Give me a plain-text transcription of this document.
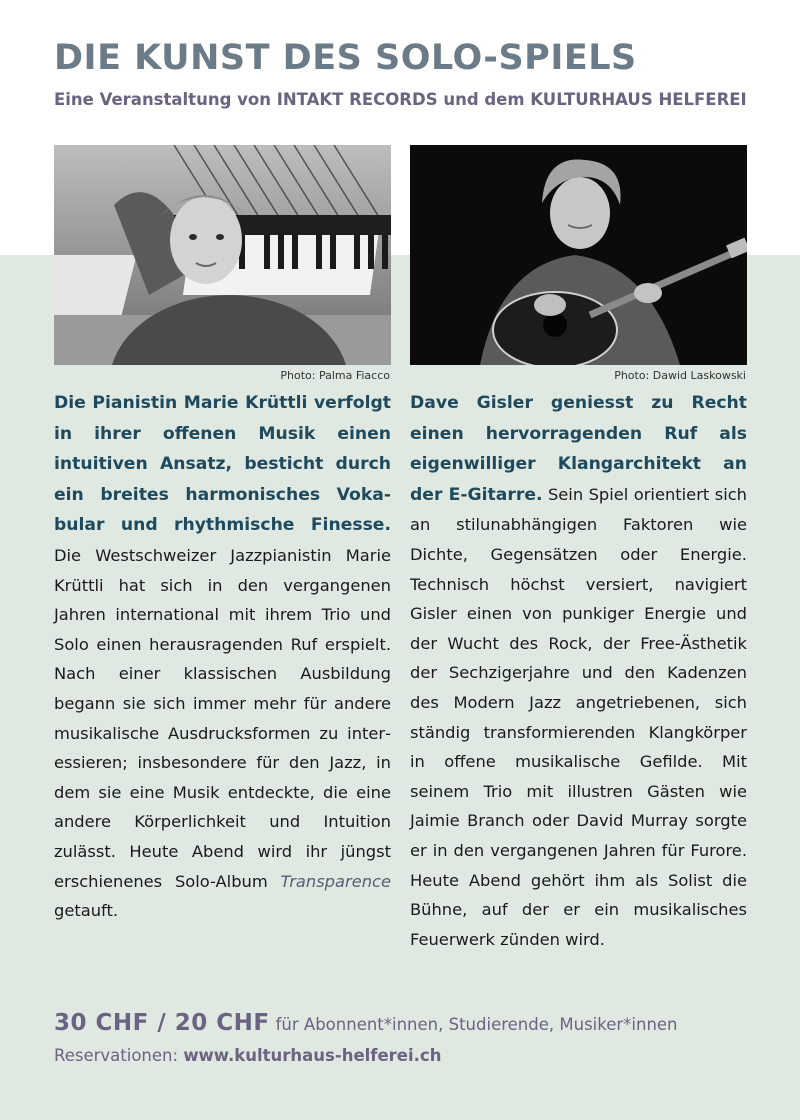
DIE KUNST DES SOLO-SPIELS

Eine Veranstaltung von INTAKT RECORDS und dem KULTURHAUS HELFEREI

Photo: Palma Fiacco	Photo: Dawid Laskowski
Die Pianistin Marie Krüttli verfolgt in ihrer offenen Musik einen intuitiven Ansatz, besticht durch ein breites harmonisches Vokabular und rhythmische Finesse. Die Westschweizer Jazzpianistin Marie Krüttli hat sich in den vergangenen Jahren international mit ihrem Trio und Solo einen herausragenden Ruf erspielt. Nach einer klassischen Ausbildung begann sie sich immer mehr für andere musikalische Ausdrucksformen zu interessieren; insbesondere für den Jazz, in dem sie eine Musik entdeckte, die eine andere Körperlichkeit und Intuition zulässt. Heute Abend wird ihr jüngst erschienenes Solo-Album Transparence getauft.
Dave Gisler geniesst zu Recht einen hervorragenden Ruf als eigenwilliger Klangarchitekt an der E-Gitarre. Sein Spiel orientiert sich an stilunabhängigen Faktoren wie Dichte, Gegensätzen oder Energie. Technisch höchst versiert, navigiert Gisler einen von punkiger Energie und der Wucht des Rock, der Free-Ästhetik der Sechzigerjahre und den Kadenzen des Modern Jazz angetriebenen, sich ständig transformierenden Klangkörper in offene musikalische Gefilde. Mit seinem Trio mit illustren Gästen wie Jaimie Branch oder David Murray sorgte er in den vergangenen Jahren für Furore. Heute Abend gehört ihm als Solist die Bühne, auf der er ein musikalisches Feuerwerk zünden wird.
30 CHF / 20 CHF für Abonnent*innen, Studierende, Musiker*innen
Reservationen: www.kulturhaus-helferei.ch
